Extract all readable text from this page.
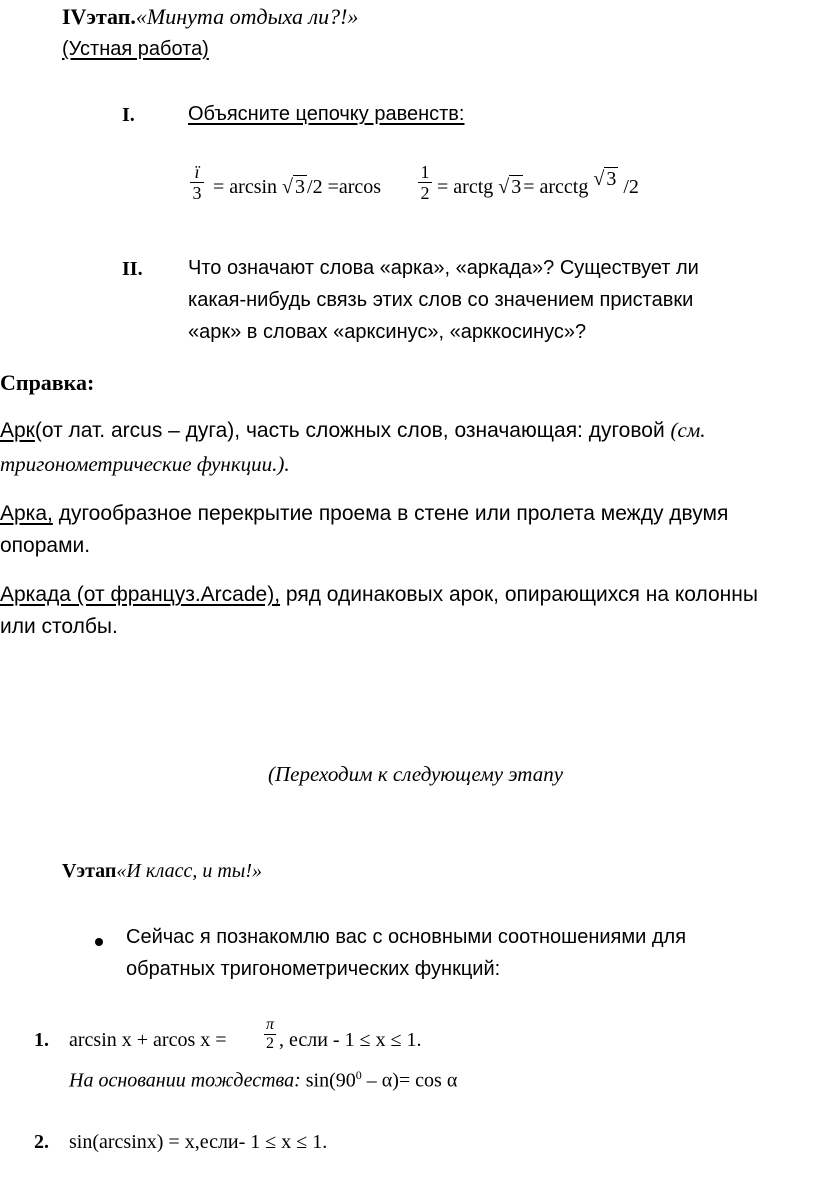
IVэтап.«Минута отдыха ли?!»
(Устная работа)
I.	Объясните цепочку равенств:
ї
3 = arcsin √ 3 /2 =arcos
1
2 = arctg √ 3 = arcctg √ 3 /2
II. Что означают слова «арка», «аркада»? Существует ли
какая-нибудь связь этих слов со значением приставки
«арк» в словах «арксинус», «арккосинус»?
Справка:
Арк(от лат. arcus – дуга), часть сложных слов, означающая: дуговой (см.
тригонометрические функции.).
Арка, дугообразное перекрытие проема в стене или пролета между двумя
опорами.
Аркада (от француз.Arcade), ряд одинаковых арок, опирающихся на колонны
или столбы.
(Переходим к следующему этапу
Vэтап«И класс, и ты!»
Сейчас я познакомлю вас с основными соотношениями для
обратных тригонометрических функций:
1. arcsin x + arcos x =
π
2 , если - 1 ≤ x ≤ 1.
На основании тождества: $\sin(90^0 - \alpha)= \cos \alpha$
2. sin(arcsinx) = x,если- 1 ≤ x ≤ 1.
